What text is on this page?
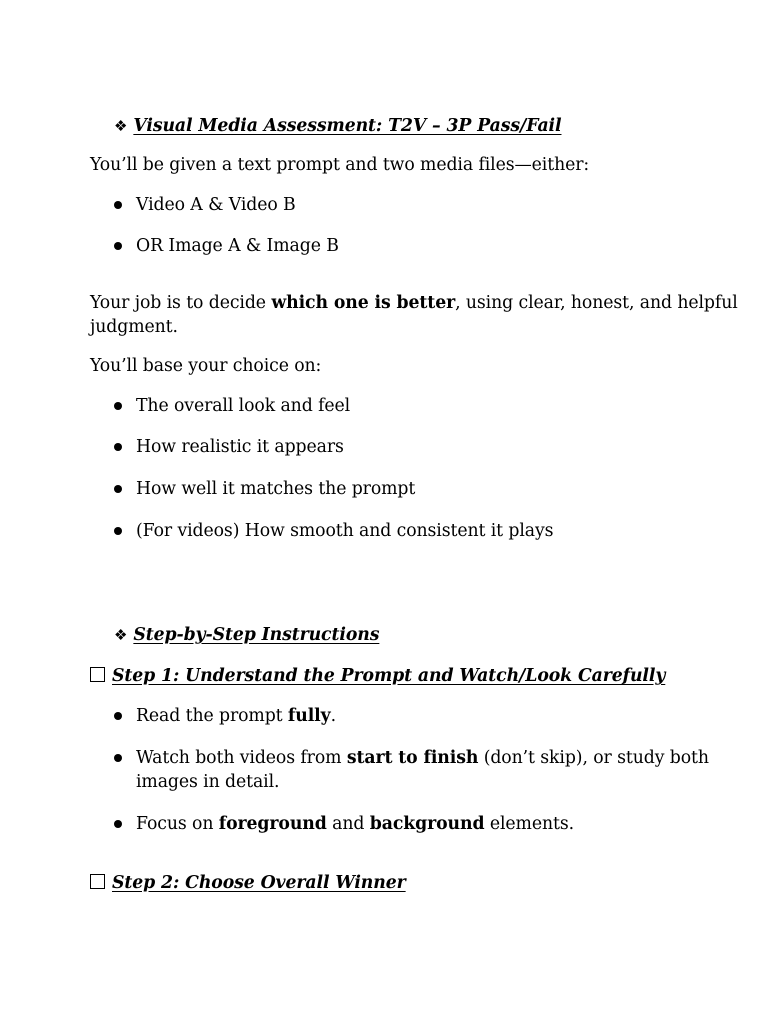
❖ Visual Media Assessment: T2V – 3P Pass/Fail
You’ll be given a text prompt and two media files—either:
Video A & Video B
OR Image A & Image B
Your job is to decide which one is better, using clear, honest, and helpful
judgment.
You’ll base your choice on:
The overall look and feel
How realistic it appears
How well it matches the prompt
(For videos) How smooth and consistent it plays
❖ Step-by-Step Instructions
Step 1: Understand the Prompt and Watch/Look Carefully
Read the prompt fully.
Watch both videos from start to finish (don’t skip), or study both
images in detail.
Focus on foreground and background elements.
Step 2: Choose Overall Winner
